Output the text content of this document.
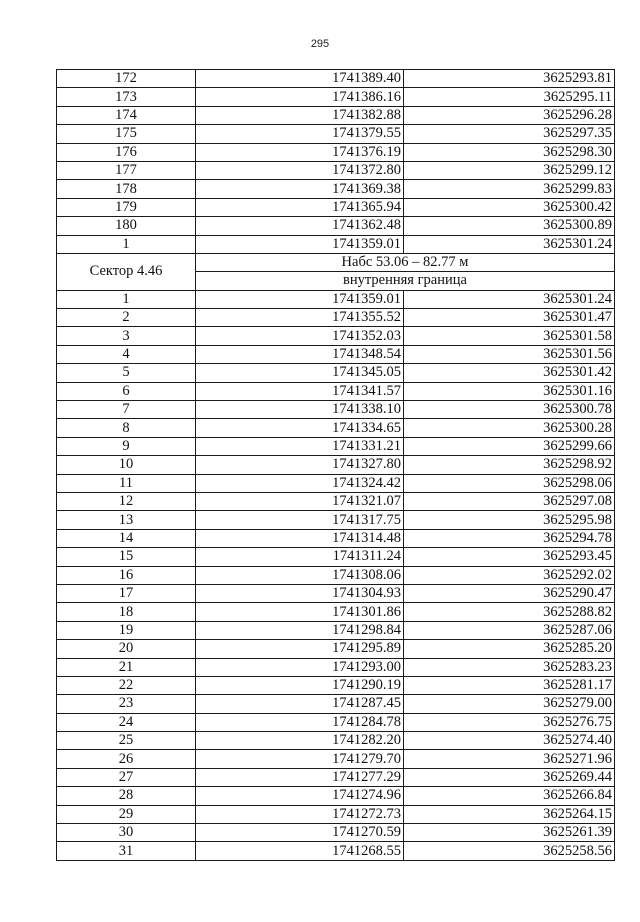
295
172	1741389.40	3625293.81
173	1741386.16	3625295.11
174	1741382.88	3625296.28
175	1741379.55	3625297.35
176	1741376.19	3625298.30
177	1741372.80	3625299.12
178	1741369.38	3625299.83
179	1741365.94	3625300.42
180	1741362.48	3625300.89
1	1741359.01	3625301.24
Сектор 4.46	Набс 53.06 – 82.77 м	
	внутренняя граница	
1	1741359.01	3625301.24
2	1741355.52	3625301.47
3	1741352.03	3625301.58
4	1741348.54	3625301.56
5	1741345.05	3625301.42
6	1741341.57	3625301.16
7	1741338.10	3625300.78
8	1741334.65	3625300.28
9	1741331.21	3625299.66
10	1741327.80	3625298.92
11	1741324.42	3625298.06
12	1741321.07	3625297.08
13	1741317.75	3625295.98
14	1741314.48	3625294.78
15	1741311.24	3625293.45
16	1741308.06	3625292.02
17	1741304.93	3625290.47
18	1741301.86	3625288.82
19	1741298.84	3625287.06
20	1741295.89	3625285.20
21	1741293.00	3625283.23
22	1741290.19	3625281.17
23	1741287.45	3625279.00
24	1741284.78	3625276.75
25	1741282.20	3625274.40
26	1741279.70	3625271.96
27	1741277.29	3625269.44
28	1741274.96	3625266.84
29	1741272.73	3625264.15
30	1741270.59	3625261.39
31	1741268.55	3625258.56
